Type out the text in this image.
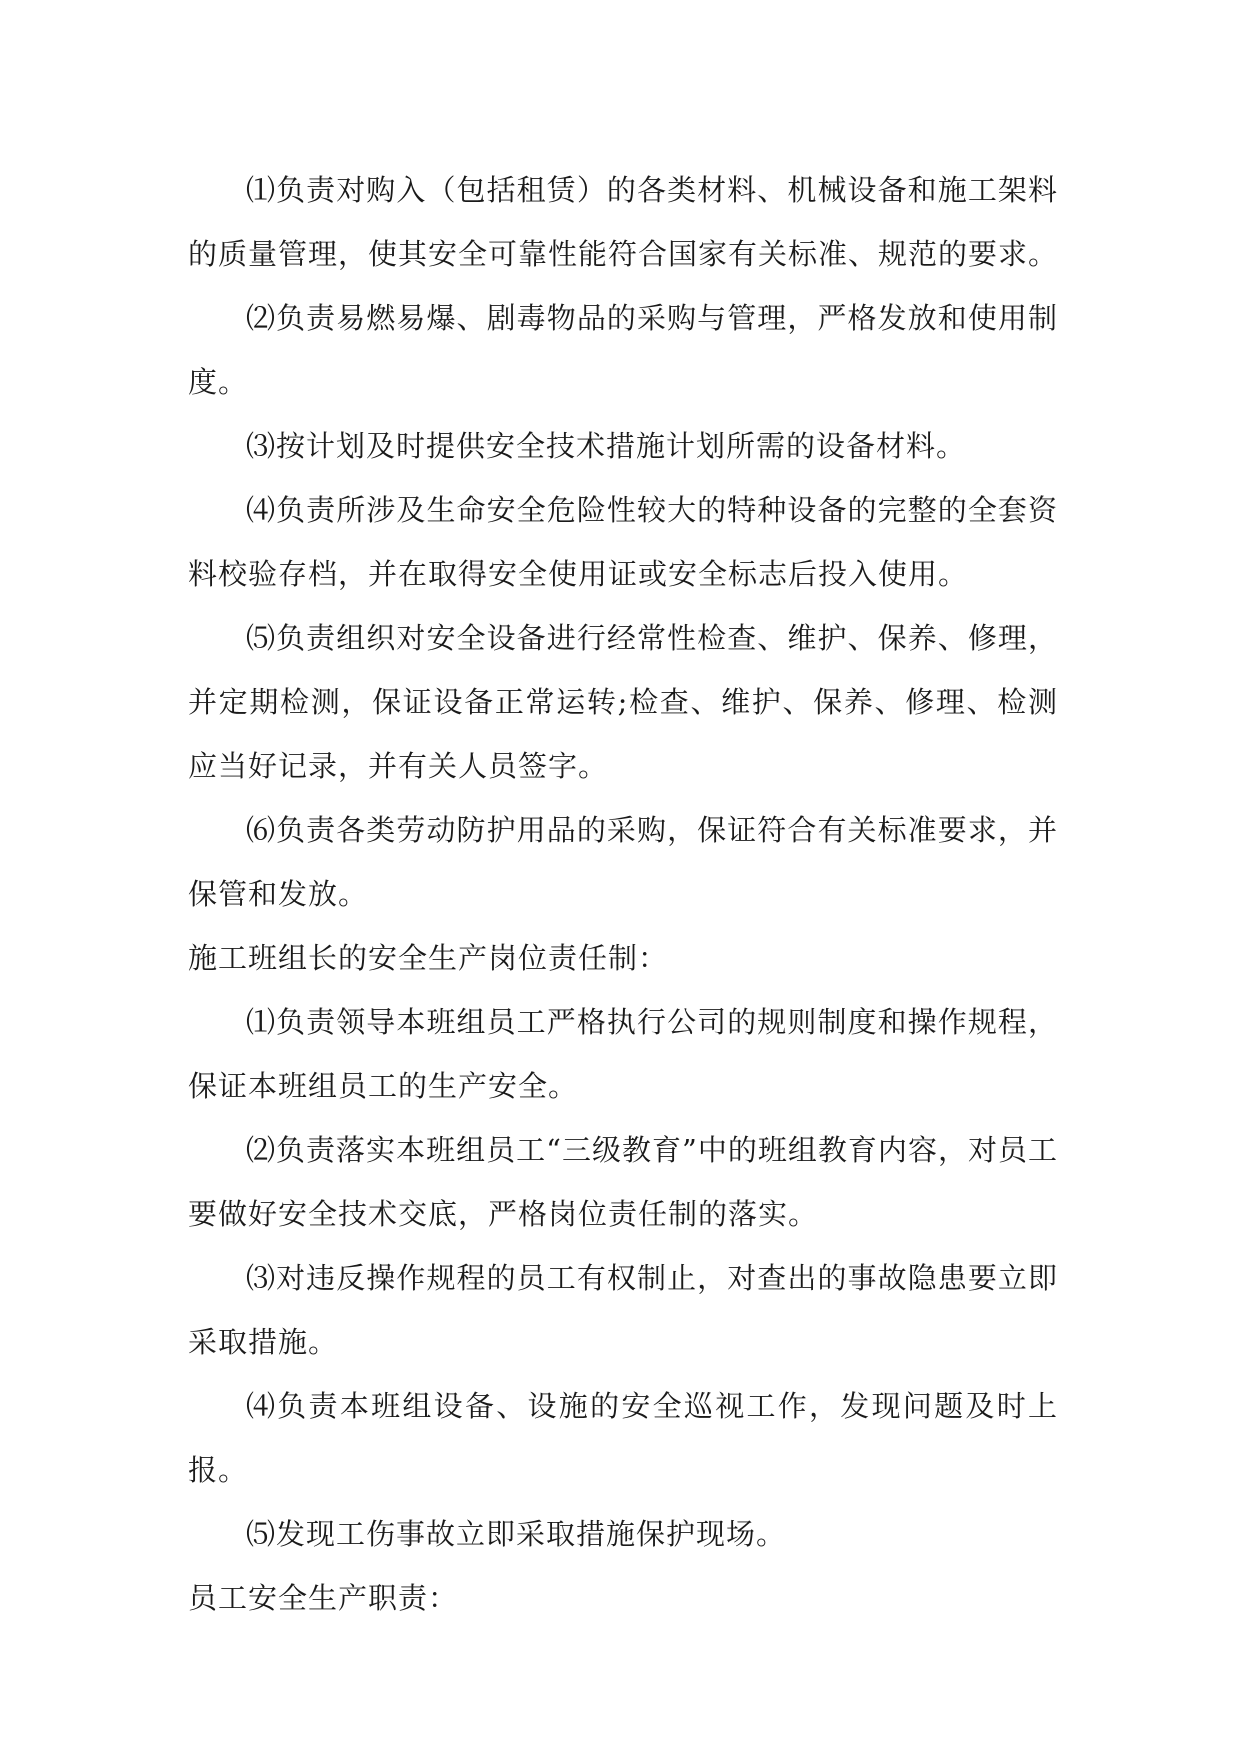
⑴负责对购入（包括租赁）的各类材料、机械设备和施工架料的质量管理，使其安全可靠性能符合国家有关标准、规范的要求。

⑵负责易燃易爆、剧毒物品的采购与管理，严格发放和使用制度。

⑶按计划及时提供安全技术措施计划所需的设备材料。

⑷负责所涉及生命安全危险性较大的特种设备的完整的全套资料校验存档，并在取得安全使用证或安全标志后投入使用。

⑸负责组织对安全设备进行经常性检查、维护、保养、修理，并定期检测，保证设备正常运转;检查、维护、保养、修理、检测应当好记录，并有关人员签字。

⑹负责各类劳动防护用品的采购，保证符合有关标准要求，并保管和发放。

施工班组长的安全生产岗位责任制：

⑴负责领导本班组员工严格执行公司的规则制度和操作规程，保证本班组员工的生产安全。

⑵负责落实本班组员工“三级教育”中的班组教育内容，对员工要做好安全技术交底，严格岗位责任制的落实。

⑶对违反操作规程的员工有权制止，对查出的事故隐患要立即采取措施。

⑷负责本班组设备、设施的安全巡视工作，发现问题及时上报。

⑸发现工伤事故立即采取措施保护现场。

员工安全生产职责：
